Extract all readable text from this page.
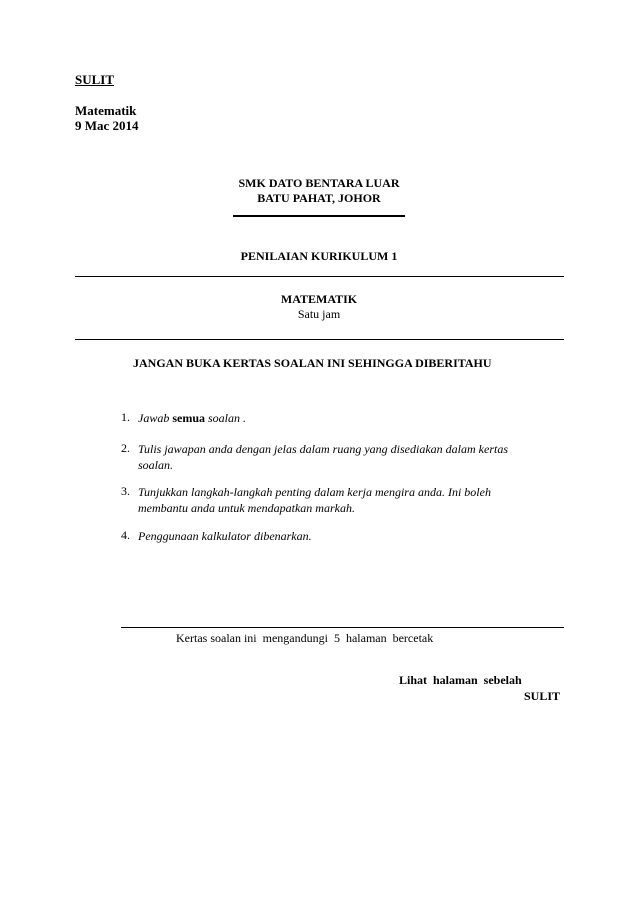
SULIT
Matematik
9 Mac 2014
SMK DATO BENTARA LUAR
BATU PAHAT, JOHOR
PENILAIAN KURIKULUM 1
MATEMATIK
Satu jam
JANGAN BUKA KERTAS SOALAN INI SEHINGGA DIBERITAHU
1. Jawab semua soalan .
2. Tulis jawapan anda dengan jelas dalam ruang yang disediakan dalam kertas
soalan.
3. Tunjukkan langkah-langkah penting dalam kerja mengira anda. Ini boleh
membantu anda untuk mendapatkan markah.
4. Penggunaan kalkulator dibenarkan.
Kertas soalan ini  mengandungi  5  halaman  bercetak
Lihat  halaman  sebelah
SULIT
